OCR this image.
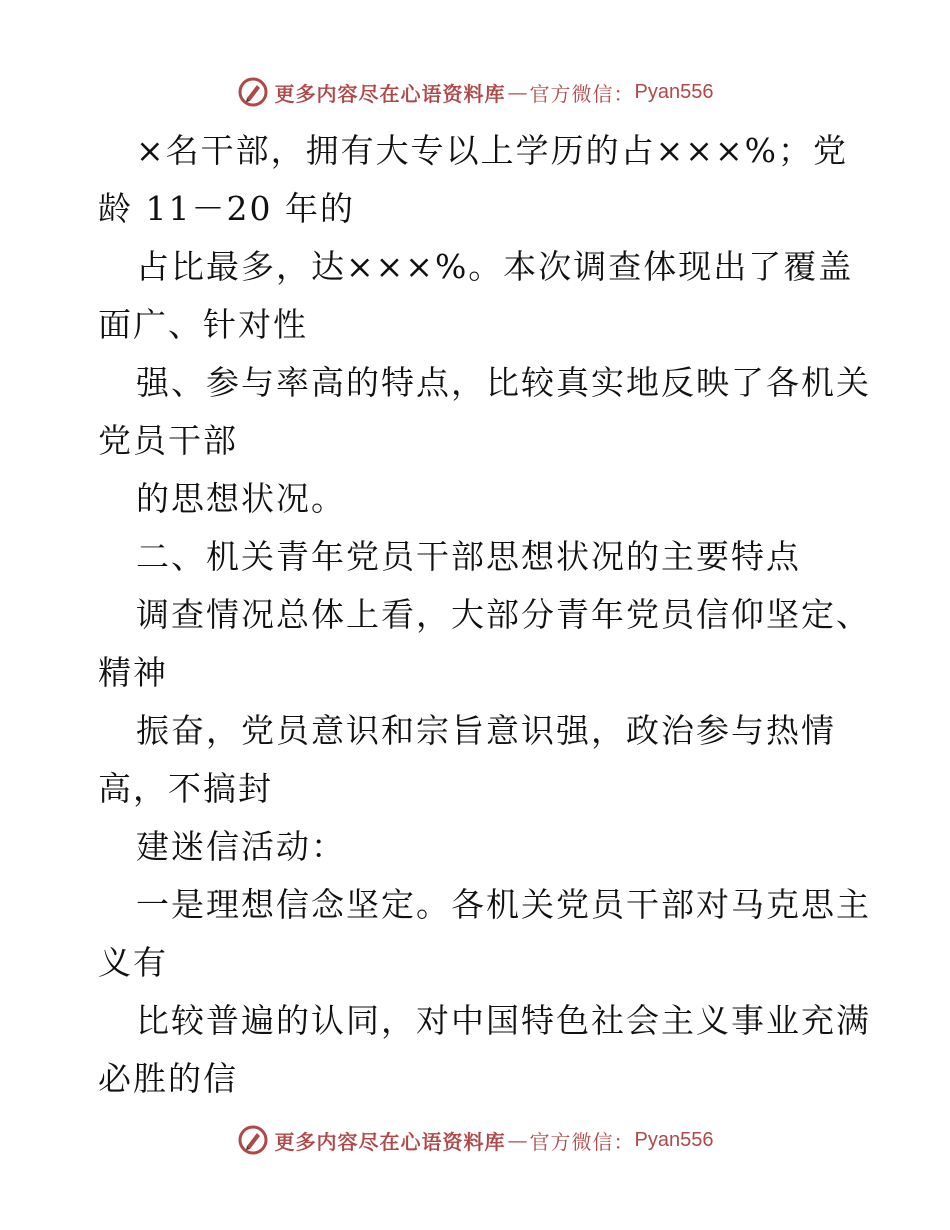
更多内容尽在心语资料库 — 官方微信： Pyan556
×名干部，拥有大专以上学历的占×××%；党
龄 11－20 年的
占比最多，达×××%。本次调查体现出了覆盖
面广、针对性
强、参与率高的特点，比较真实地反映了各机关
党员干部
的思想状况。
二、机关青年党员干部思想状况的主要特点
调查情况总体上看，大部分青年党员信仰坚定、
精神
振奋，党员意识和宗旨意识强，政治参与热情
高，不搞封
建迷信活动：
一是理想信念坚定。各机关党员干部对马克思主
义有
比较普遍的认同，对中国特色社会主义事业充满
必胜的信
更多内容尽在心语资料库 — 官方微信： Pyan556
